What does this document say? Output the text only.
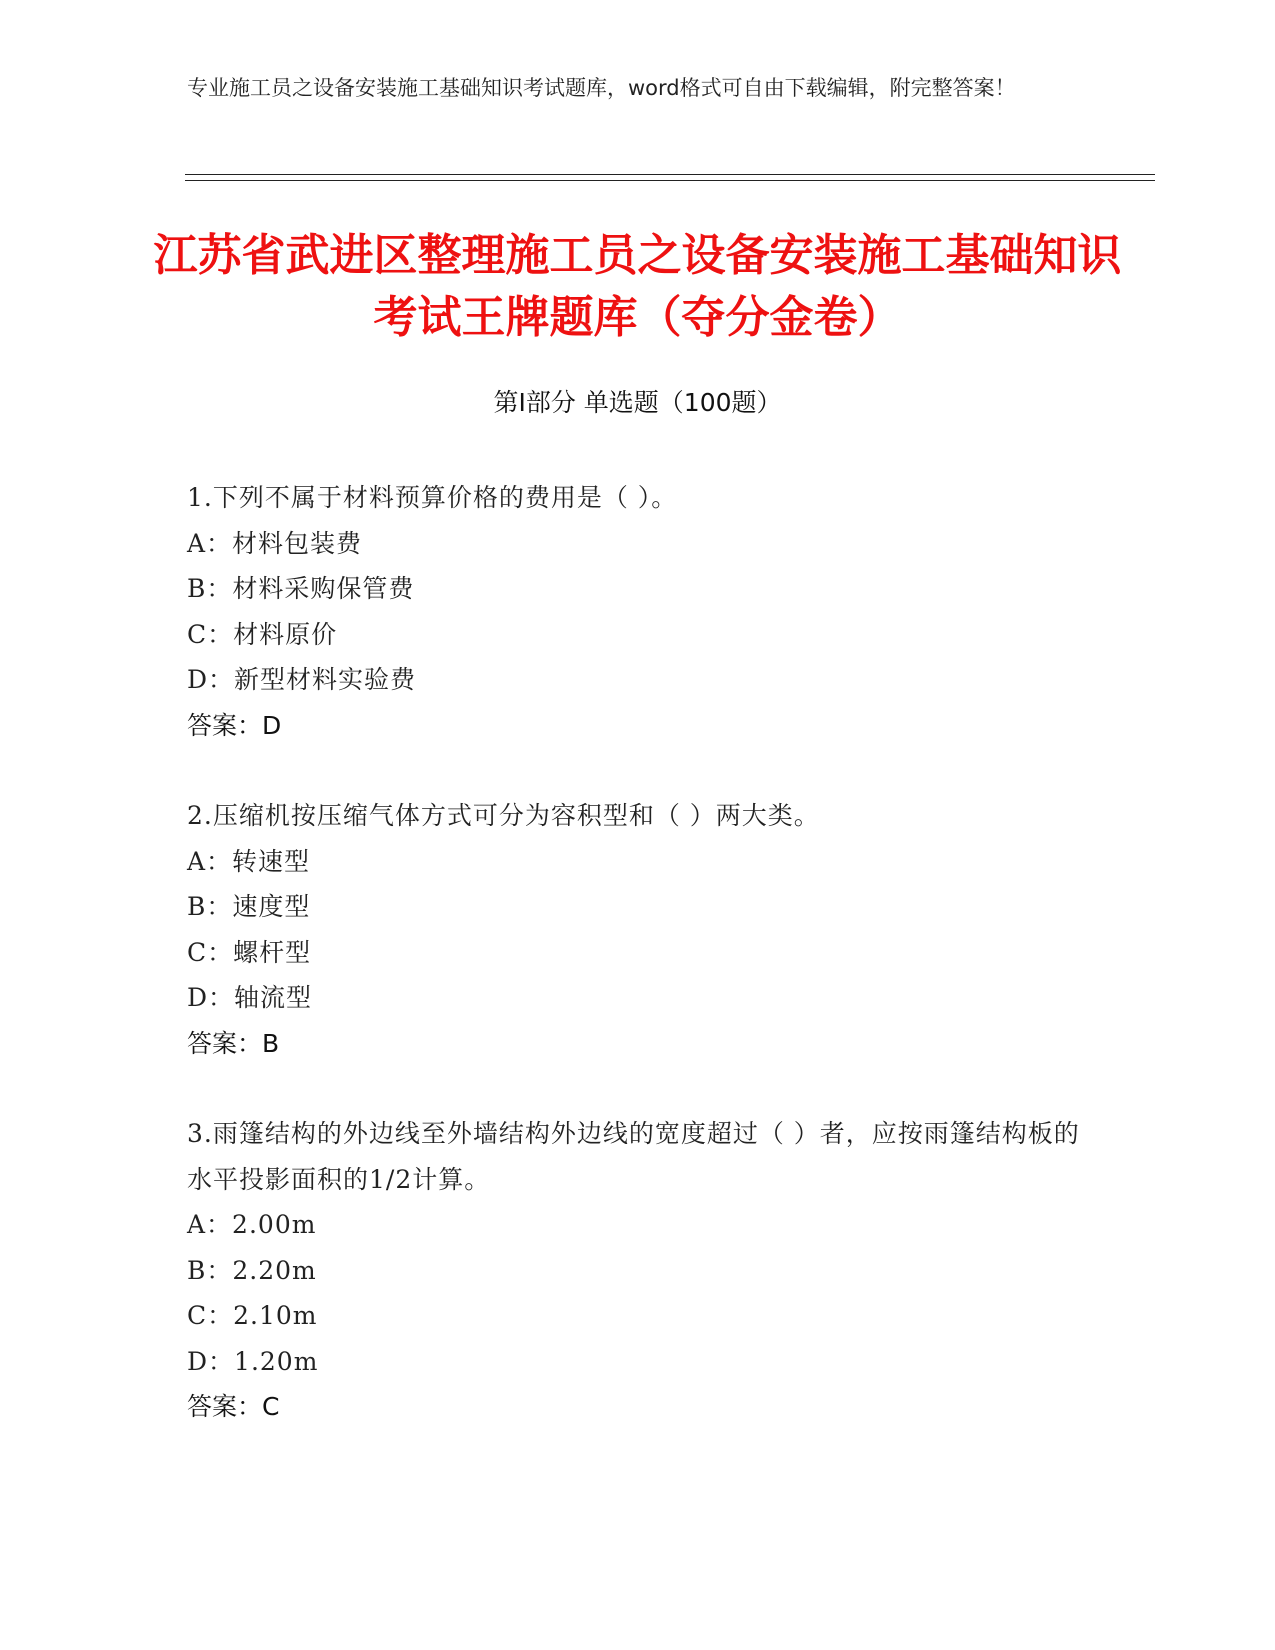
专业施工员之设备安装施工基础知识考试题库，word格式可自由下载编辑，附完整答案！
江苏省武进区整理施工员之设备安装施工基础知识考试王牌题库（夺分金卷）
第Ⅰ部分 单选题（100题）
1.下列不属于材料预算价格的费用是（ ）。
A：材料包装费
B：材料采购保管费
C：材料原价
D：新型材料实验费
答案：D
2.压缩机按压缩气体方式可分为容积型和（ ）两大类。
A：转速型
B：速度型
C：螺杆型
D：轴流型
答案：B
3.雨篷结构的外边线至外墙结构外边线的宽度超过（ ）者，应按雨篷结构板的水平投影面积的1/2计算。
A：2.00m
B：2.20m
C：2.10m
D：1.20m
答案：C
